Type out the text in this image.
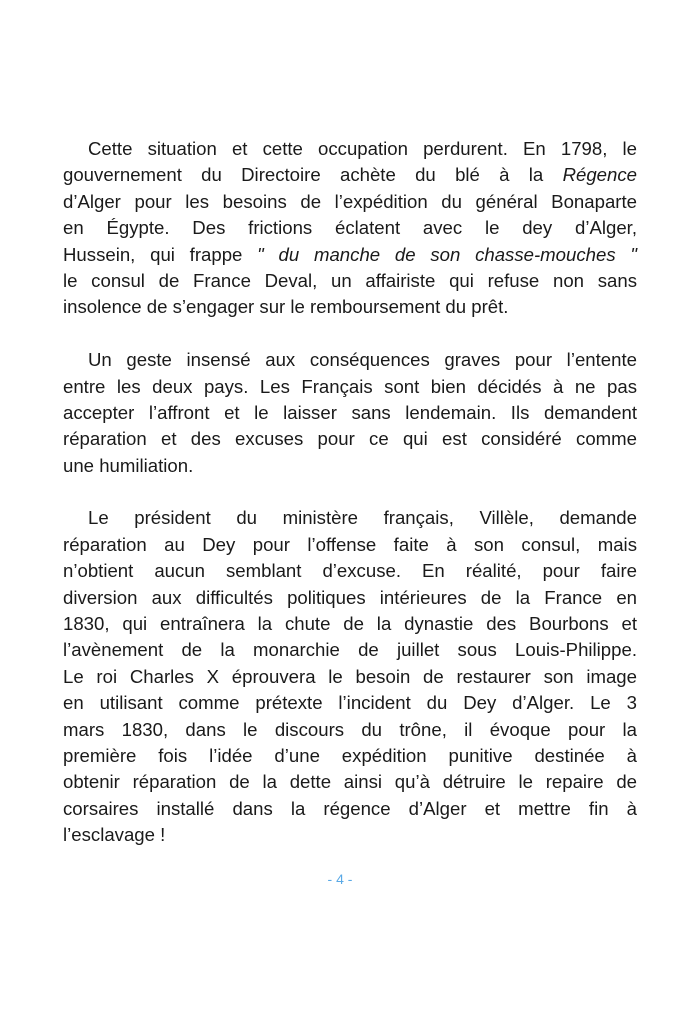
Cette situation et cette occupation perdurent. En 1798, le
gouvernement du Directoire achète du blé à la Régence
d’Alger pour les besoins de l’expédition du général Bonaparte
en Égypte. Des frictions éclatent avec le dey d’Alger,
Hussein, qui frappe " du manche de son chasse-mouches "
le consul de France Deval, un affairiste qui refuse non sans
insolence de s’engager sur le remboursement du prêt.
Un geste insensé aux conséquences graves pour l’entente
entre les deux pays. Les Français sont bien décidés à ne pas
accepter l’affront et le laisser sans lendemain. Ils demandent
réparation et des excuses pour ce qui est considéré comme
une humiliation.
Le président du ministère français, Villèle, demande
réparation au Dey pour l’offense faite à son consul, mais
n’obtient aucun semblant d’excuse. En réalité, pour faire
diversion aux difficultés politiques intérieures de la France en
1830, qui entraînera la chute de la dynastie des Bourbons et
l’avènement de la monarchie de juillet sous Louis-Philippe.
Le roi Charles X éprouvera le besoin de restaurer son image
en utilisant comme prétexte l’incident du Dey d’Alger. Le 3
mars 1830, dans le discours du trône, il évoque pour la
première fois l’idée d’une expédition punitive destinée à
obtenir réparation de la dette ainsi qu’à détruire le repaire de
corsaires installé dans la régence d’Alger et mettre fin à
l’esclavage !
- 4 -
